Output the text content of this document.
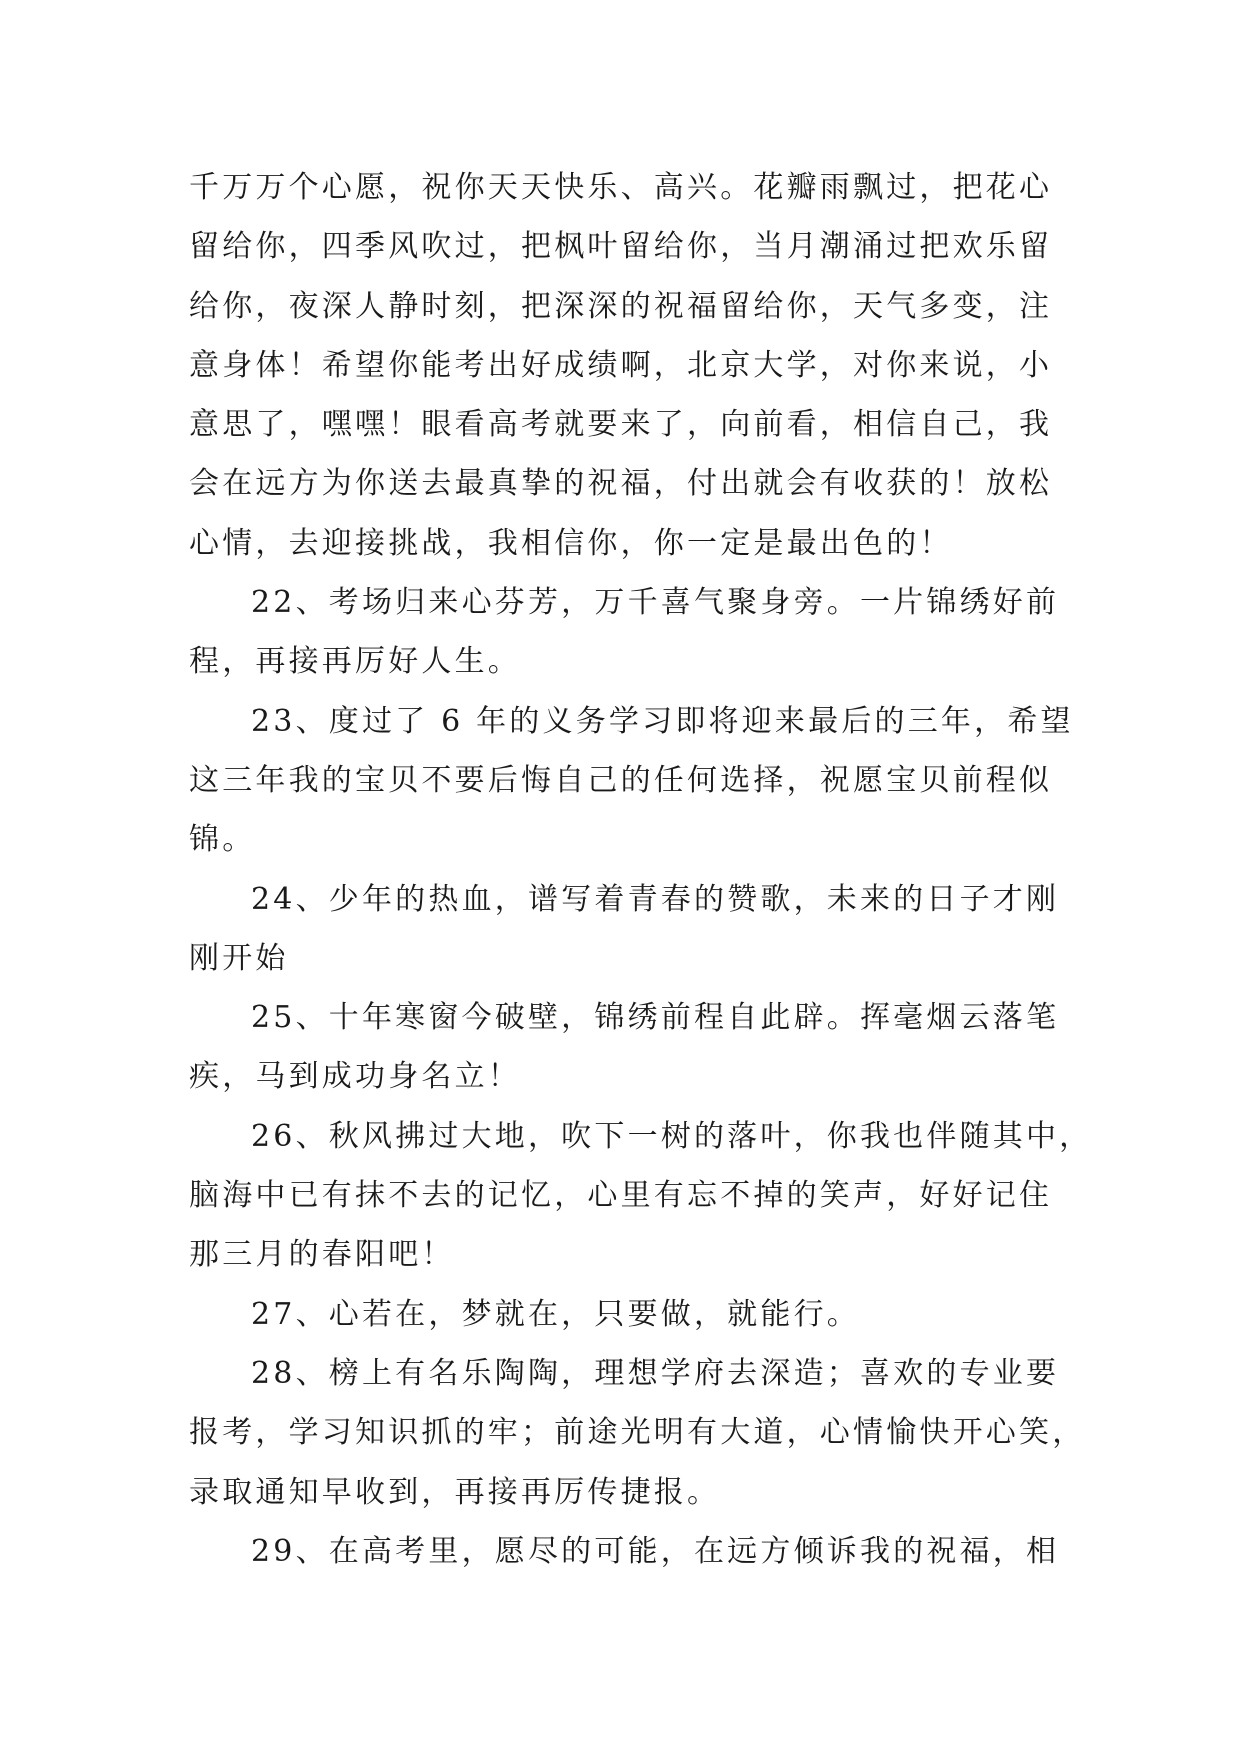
千万万个心愿，祝你天天快乐、高兴。花瓣雨飘过，把花心
留给你，四季风吹过，把枫叶留给你，当月潮涌过把欢乐留
给你，夜深人静时刻，把深深的祝福留给你，天气多变，注
意身体！希望你能考出好成绩啊，北京大学，对你来说，小
意思了，嘿嘿！眼看高考就要来了，向前看，相信自己，我
会在远方为你送去最真挚的祝福，付出就会有收获的！放松
心情，去迎接挑战，我相信你，你一定是最出色的！
22、考场归来心芬芳，万千喜气聚身旁。一片锦绣好前
程，再接再厉好人生。
23、度过了 6 年的义务学习即将迎来最后的三年，希望
这三年我的宝贝不要后悔自己的任何选择，祝愿宝贝前程似
锦。
24、少年的热血，谱写着青春的赞歌，未来的日子才刚
刚开始
25、十年寒窗今破壁，锦绣前程自此辟。挥毫烟云落笔
疾，马到成功身名立！
26、秋风拂过大地，吹下一树的落叶，你我也伴随其中，
脑海中已有抹不去的记忆，心里有忘不掉的笑声，好好记住
那三月的春阳吧！
27、心若在，梦就在，只要做，就能行。
28、榜上有名乐陶陶，理想学府去深造；喜欢的专业要
报考，学习知识抓的牢；前途光明有大道，心情愉快开心笑，
录取通知早收到，再接再厉传捷报。
29、在高考里，愿尽的可能，在远方倾诉我的祝福，相
